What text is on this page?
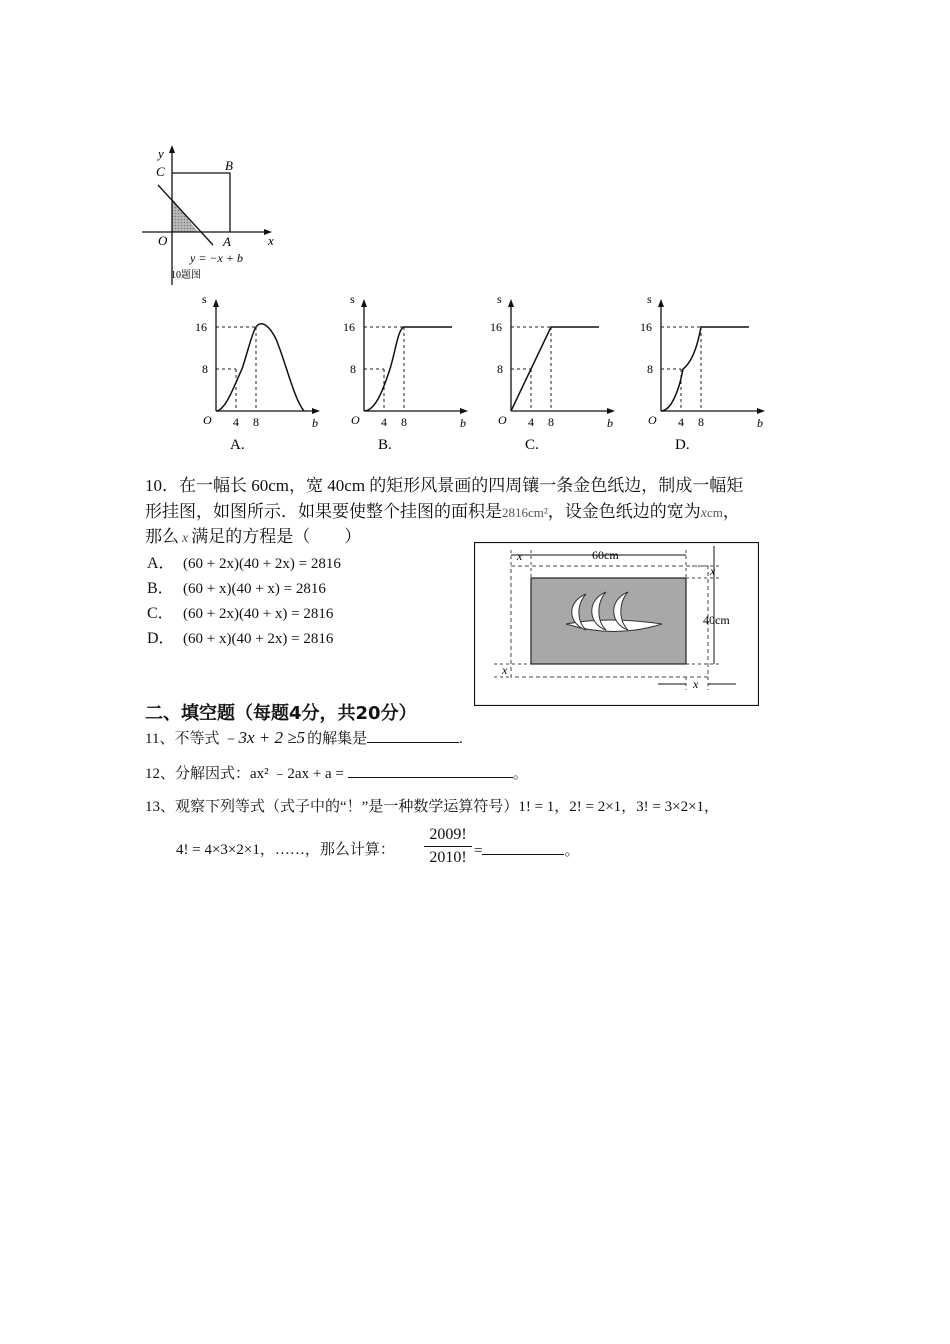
y
C	B
O	A	x
y = −x + b
10题图
s
16
8
O 4 8	b
A.
s
16
8
O 4 8	b
B.
s
16
8
O 4 8	b
C.
s
16
8
O 4 8	b
D.
10．在一幅长 60cm，宽 40cm 的矩形风景画的四周镶一条金色纸边，制成一幅矩
形挂图，如图所示．如果要使整个挂图的面积是2816cm²，设金色纸边的宽为xcm，
那么 x 满足的方程是（　　）
A． (60 + 2x)(40 + 2x) = 2816
B． (60 + x)(40 + x) = 2816
C． (60 + 2x)(40 + x) = 2816
D． (60 + x)(40 + 2x) = 2816
60cm
40cm
x
x
x
x
二、填空题（每题4分，共20分）
11、不等式 ﹣3x + 2 ≥5 的解集是	.
12、分解因式：ax² ﹣2ax + a =	。
13、观察下列等式（式子中的“！”是一种数学运算符号）1! = 1，2! = 2×1，3! = 3×2×1，
4! = 4×3×2×1，……，那么计算：
2009!
2010! =	。
